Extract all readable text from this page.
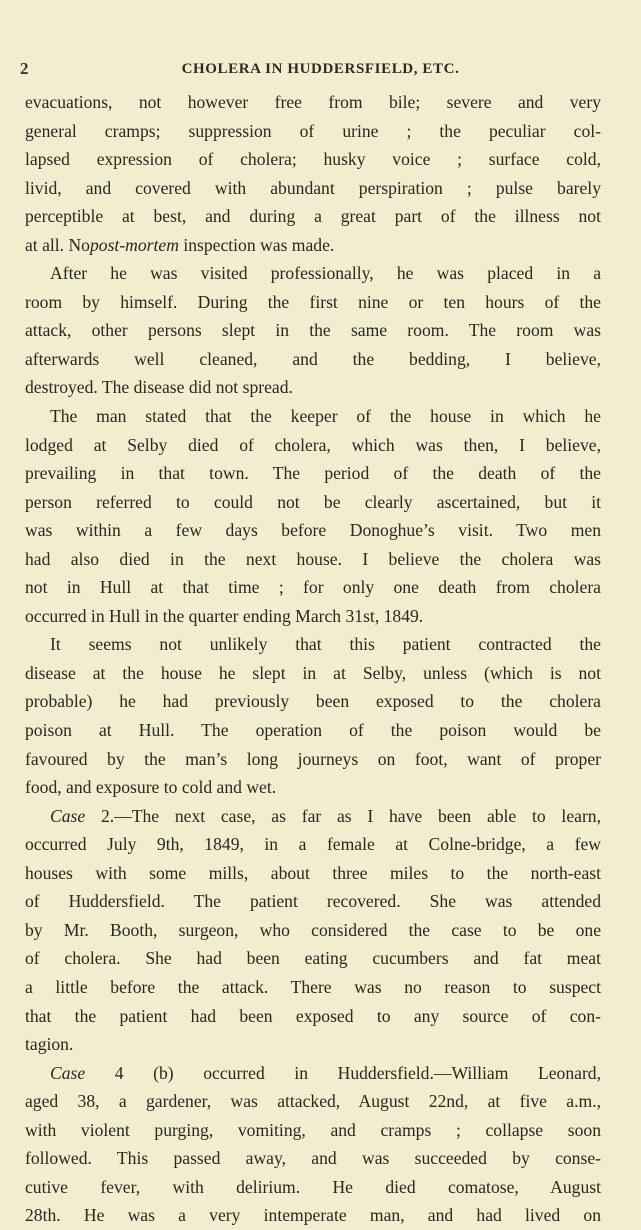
2	CHOLERA IN HUDDERSFIELD, ETC.
evacuations, not however free from bile; severe and very
general cramps; suppression of urine ; the peculiar col-
lapsed expression of cholera; husky voice ; surface cold,
livid, and covered with abundant perspiration ; pulse barely
perceptible at best, and during a great part of the illness not
at all. Nopost-mortem inspection was made.
After he was visited professionally, he was placed in a
room by himself. During the first nine or ten hours of the
attack, other persons slept in the same room. The room was
afterwards well cleaned, and the bedding, I believe,
destroyed. The disease did not spread.
The man stated that the keeper of the house in which he
lodged at Selby died of cholera, which was then, I believe,
prevailing in that town. The period of the death of the
person referred to could not be clearly ascertained, but it
was within a few days before Donoghue’s visit. Two men
had also died in the next house. I believe the cholera was
not in Hull at that time ; for only one death from cholera
occurred in Hull in the quarter ending March 31st, 1849.
It seems not unlikely that this patient contracted the
disease at the house he slept in at Selby, unless (which is not
probable) he had previously been exposed to the cholera
poison at Hull. The operation of the poison would be
favoured by the man’s long journeys on foot, want of proper
food, and exposure to cold and wet.
Case 2.—The next case, as far as I have been able to learn,
occurred July 9th, 1849, in a female at Colne-bridge, a few
houses with some mills, about three miles to the north-east
of Huddersfield. The patient recovered. She was attended
by Mr. Booth, surgeon, who considered the case to be one
of cholera. She had been eating cucumbers and fat meat
a little before the attack. There was no reason to suspect
that the patient had been exposed to any source of con-
tagion.
Case 4 (b) occurred in Huddersfield.—William Leonard,
aged 38, a gardener, was attacked, August 22nd, at five a.m.,
with violent purging, vomiting, and cramps ; collapse soon
followed. This passed away, and was succeeded by conse-
cutive fever, with delirium. He died comatose, August
28th. He was a very intemperate man, and had lived on
